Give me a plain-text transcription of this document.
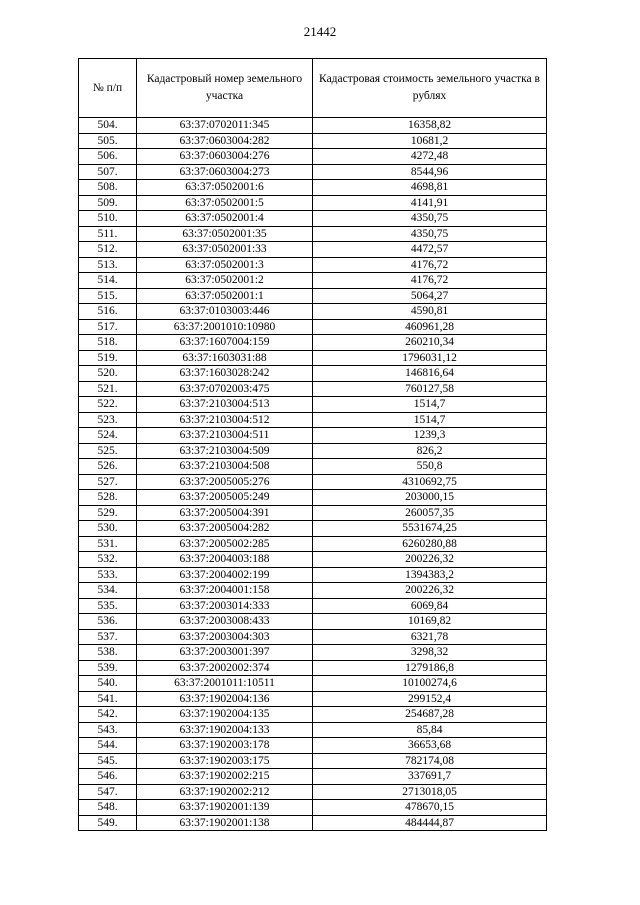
21442
№ п/п	Кадастровый номер земельного участка	Кадастровая стоимость земельного участка в рублях
504.	63:37:0702011:345	16358,82
505.	63:37:0603004:282	10681,2
506.	63:37:0603004:276	4272,48
507.	63:37:0603004:273	8544,96
508.	63:37:0502001:6	4698,81
509.	63:37:0502001:5	4141,91
510.	63:37:0502001:4	4350,75
511.	63:37:0502001:35	4350,75
512.	63:37:0502001:33	4472,57
513.	63:37:0502001:3	4176,72
514.	63:37:0502001:2	4176,72
515.	63:37:0502001:1	5064,27
516.	63:37:0103003:446	4590,81
517.	63:37:2001010:10980	460961,28
518.	63:37:1607004:159	260210,34
519.	63:37:1603031:88	1796031,12
520.	63:37:1603028:242	146816,64
521.	63:37:0702003:475	760127,58
522.	63:37:2103004:513	1514,7
523.	63:37:2103004:512	1514,7
524.	63:37:2103004:511	1239,3
525.	63:37:2103004:509	826,2
526.	63:37:2103004:508	550,8
527.	63:37:2005005:276	4310692,75
528.	63:37:2005005:249	203000,15
529.	63:37:2005004:391	260057,35
530.	63:37:2005004:282	5531674,25
531.	63:37:2005002:285	6260280,88
532.	63:37:2004003:188	200226,32
533.	63:37:2004002:199	1394383,2
534.	63:37:2004001:158	200226,32
535.	63:37:2003014:333	6069,84
536.	63:37:2003008:433	10169,82
537.	63:37:2003004:303	6321,78
538.	63:37:2003001:397	3298,32
539.	63:37:2002002:374	1279186,8
540.	63:37:2001011:10511	10100274,6
541.	63:37:1902004:136	299152,4
542.	63:37:1902004:135	254687,28
543.	63:37:1902004:133	85,84
544.	63:37:1902003:178	36653,68
545.	63:37:1902003:175	782174,08
546.	63:37:1902002:215	337691,7
547.	63:37:1902002:212	2713018,05
548.	63:37:1902001:139	478670,15
549.	63:37:1902001:138	484444,87
